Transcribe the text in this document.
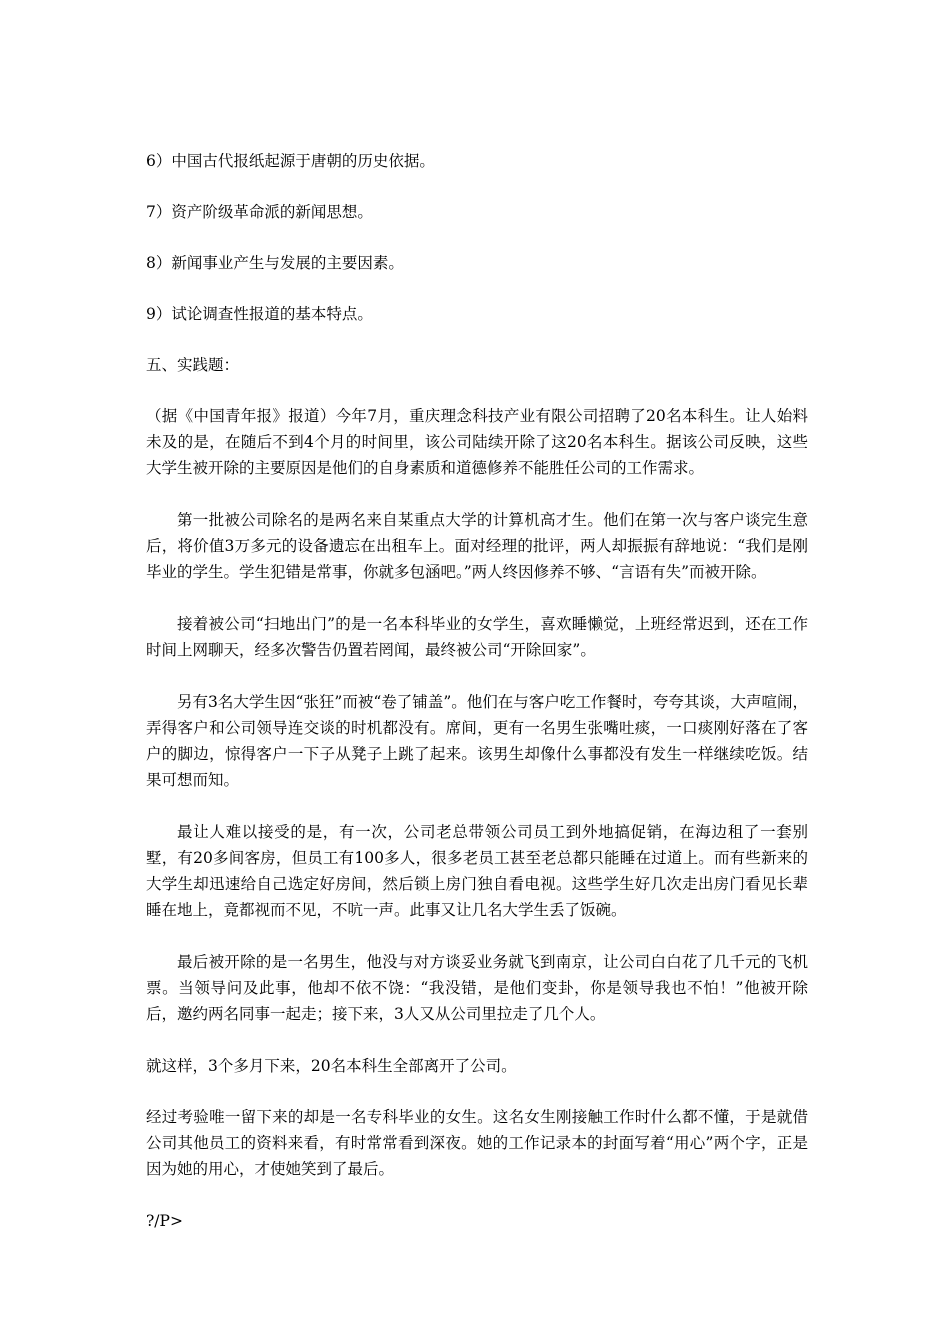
6）中国古代报纸起源于唐朝的历史依据。

7）资产阶级革命派的新闻思想。

8）新闻事业产生与发展的主要因素。

9）试论调查性报道的基本特点。

五、实践题：

（据《中国青年报》报道）今年7月，重庆理念科技产业有限公司招聘了20名本科生。让人始料未及的是，在随后不到4个月的时间里，该公司陆续开除了这20名本科生。据该公司反映，这些大学生被开除的主要原因是他们的自身素质和道德修养不能胜任公司的工作需求。

第一批被公司除名的是两名来自某重点大学的计算机高才生。他们在第一次与客户谈完生意后，将价值3万多元的设备遗忘在出租车上。面对经理的批评，两人却振振有辞地说：“我们是刚毕业的学生。学生犯错是常事，你就多包涵吧。”两人终因修养不够、“言语有失”而被开除。

接着被公司“扫地出门”的是一名本科毕业的女学生，喜欢睡懒觉，上班经常迟到，还在工作时间上网聊天，经多次警告仍置若罔闻，最终被公司“开除回家”。

另有3名大学生因“张狂”而被“卷了铺盖”。他们在与客户吃工作餐时，夸夸其谈，大声喧闹，弄得客户和公司领导连交谈的时机都没有。席间，更有一名男生张嘴吐痰，一口痰刚好落在了客户的脚边，惊得客户一下子从凳子上跳了起来。该男生却像什么事都没有发生一样继续吃饭。结果可想而知。

最让人难以接受的是，有一次，公司老总带领公司员工到外地搞促销，在海边租了一套别墅，有20多间客房，但员工有100多人，很多老员工甚至老总都只能睡在过道上。而有些新来的大学生却迅速给自己选定好房间，然后锁上房门独自看电视。这些学生好几次走出房门看见长辈睡在地上，竟都视而不见，不吭一声。此事又让几名大学生丢了饭碗。

最后被开除的是一名男生，他没与对方谈妥业务就飞到南京，让公司白白花了几千元的飞机票。当领导问及此事，他却不依不饶：“我没错，是他们变卦，你是领导我也不怕！”他被开除后，邀约两名同事一起走；接下来，3人又从公司里拉走了几个人。

就这样，3个多月下来，20名本科生全部离开了公司。

经过考验唯一留下来的却是一名专科毕业的女生。这名女生刚接触工作时什么都不懂，于是就借公司其他员工的资料来看，有时常常看到深夜。她的工作记录本的封面写着“用心”两个字，正是因为她的用心，才使她笑到了最后。

?/P>
